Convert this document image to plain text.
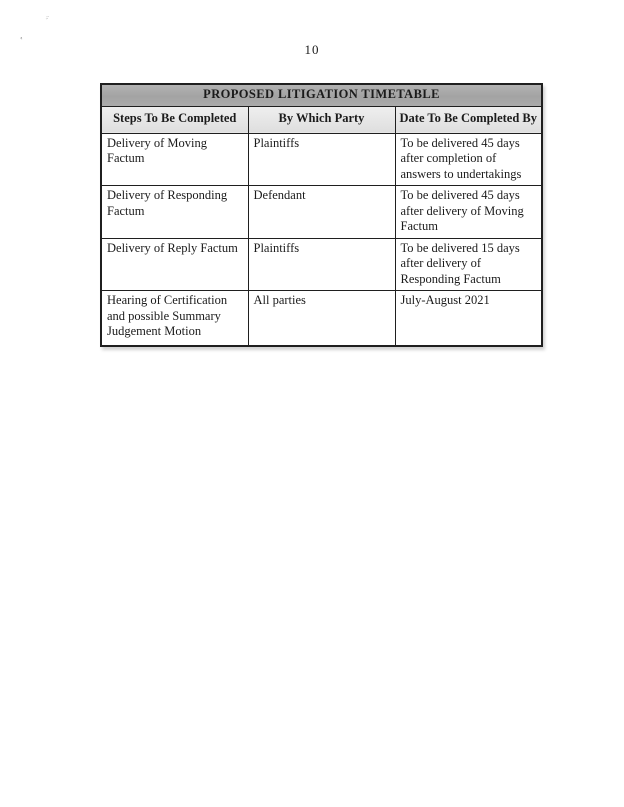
ᵕ̈
ᵜ
10
PROPOSED LITIGATION TIMETABLE		
Steps To Be Completed	By Which Party	Date To Be Completed By
Delivery of Moving Factum	Plaintiffs	To be delivered 45 days after completion of answers to undertakings
Delivery of Responding Factum	Defendant	To be delivered 45 days after delivery of Moving Factum
Delivery of Reply Factum	Plaintiffs	To be delivered 15 days after delivery of Responding Factum
Hearing of Certification and possible Summary Judgement Motion	All parties	July-August 2021
